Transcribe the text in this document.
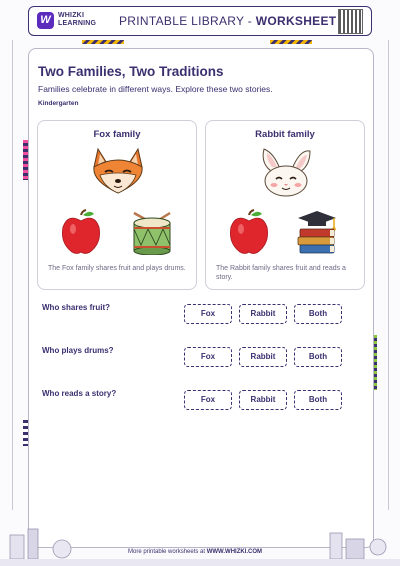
W	WHIZKI
LEARNING PRINTABLE LIBRARY - WORKSHEET
Two Families, Two Traditions
Families celebrate in different ways. Explore these two stories.
Kindergarten
Fox family
The Fox family shares fruit and plays drums.
Rabbit family
The Rabbit family shares fruit and reads a story.
Who shares fruit?
Fox	Rabbit	Both
Who plays drums?
Fox	Rabbit	Both
Who reads a story?
Fox	Rabbit	Both
More printable worksheets at WWW.WHIZKI.COM
